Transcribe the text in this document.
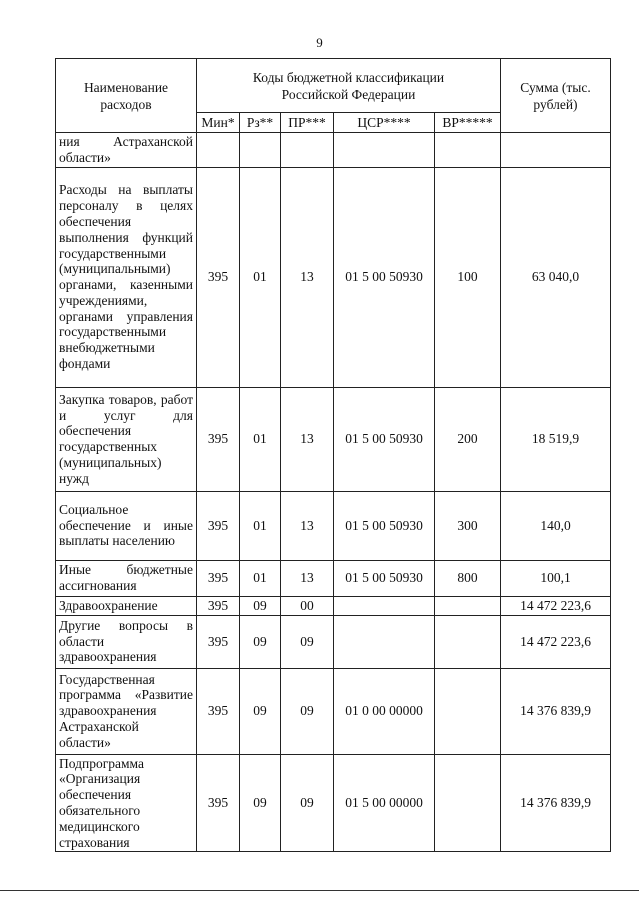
9
Наименование расходов	Коды бюджетной классификации Российской Федерации					Сумма (тыс. рублей)
	Мин*	Рз**	ПР***	ЦСР****	ВР*****	
ния Астраханской области»						
Расходы на выплаты персоналу в целях обеспечения выполнения функций государственными (муниципальными) органами, казенными учреждениями, органами управления государственными внебюджетными фондами	395	01	13	01 5 00 50930	100	63 040,0
Закупка товаров, работ и услуг для обеспечения государственных (муниципальных) нужд	395	01	13	01 5 00 50930	200	18 519,9
Социальное обеспечение и иные выплаты населению	395	01	13	01 5 00 50930	300	140,0
Иные бюджетные ассигнования	395	01	13	01 5 00 50930	800	100,1
Здравоохранение	395	09	00			14 472 223,6
Другие вопросы в области здравоохранения	395	09	09			14 472 223,6
Государственная программа «Развитие здравоохранения Астраханской области»	395	09	09	01 0 00 00000		14 376 839,9
Подпрограмма «Организация обеспечения обязательного медицинского страхования	395	09	09	01 5 00 00000		14 376 839,9
